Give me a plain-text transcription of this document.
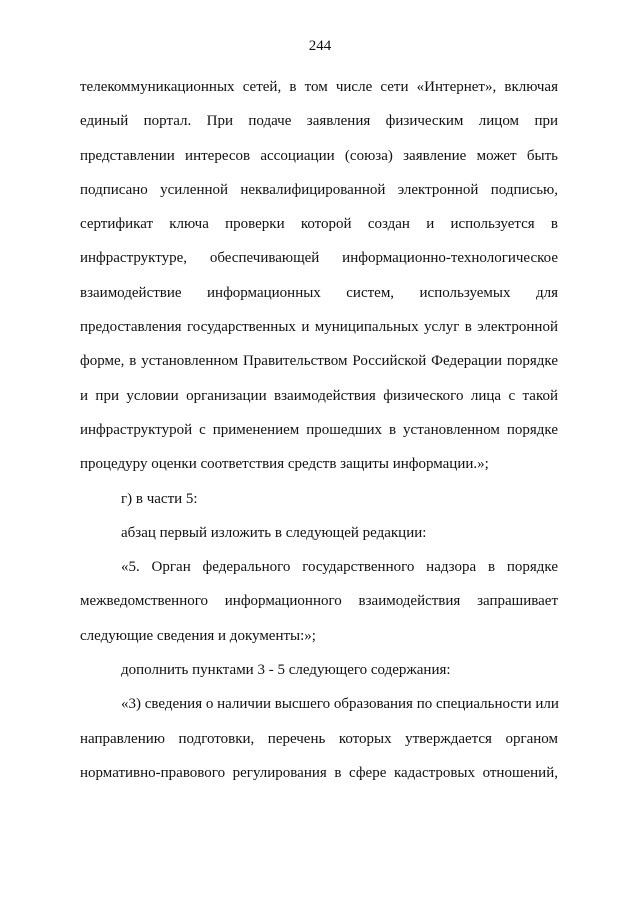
244
телекоммуникационных сетей, в том числе сети «Интернет», включая
единый портал. При подаче заявления физическим лицом при
представлении интересов ассоциации (союза) заявление может быть
подписано усиленной неквалифицированной электронной подписью,
сертификат ключа проверки которой создан и используется в
инфраструктуре, обеспечивающей информационно-технологическое
взаимодействие информационных систем, используемых для
предоставления государственных и муниципальных услуг в электронной
форме, в установленном Правительством Российской Федерации порядке
и при условии организации взаимодействия физического лица с такой
инфраструктурой с применением прошедших в установленном порядке
процедуру оценки соответствия средств защиты информации.»;
г) в части 5:
абзац первый изложить в следующей редакции:
«5. Орган федерального государственного надзора в порядке
межведомственного информационного взаимодействия запрашивает
следующие сведения и документы:»;
дополнить пунктами 3 - 5 следующего содержания:
«3) сведения о наличии высшего образования по специальности или
направлению подготовки, перечень которых утверждается органом
нормативно-правового регулирования в сфере кадастровых отношений,
